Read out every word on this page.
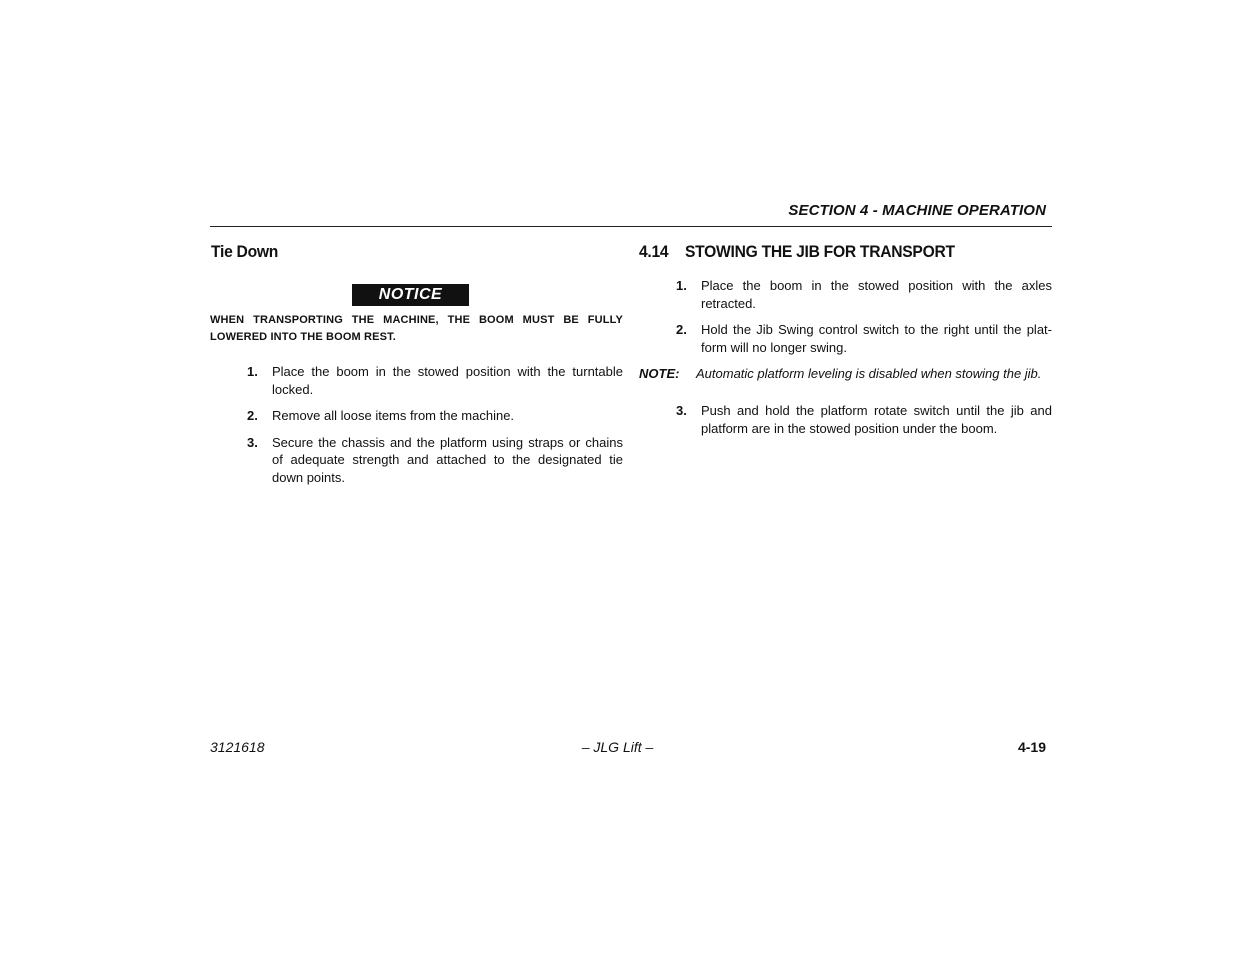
SECTION 4 - MACHINE OPERATION
Tie Down
NOTICE
WHEN TRANSPORTING THE MACHINE, THE BOOM MUST BE FULLY LOWERED INTO THE BOOM REST.
1. Place the boom in the stowed position with the turntable locked.
2. Remove all loose items from the machine.
3. Secure the chassis and the platform using straps or chains of adequate strength and attached to the designated tie down points.
4.14 STOWING THE JIB FOR TRANSPORT
1. Place the boom in the stowed position with the axles retracted.
2. Hold the Jib Swing control switch to the right until the plat-form will no longer swing.
NOTE: Automatic platform leveling is disabled when stowing the jib.
3. Push and hold the platform rotate switch until the jib and platform are in the stowed position under the boom.
3121618	– JLG Lift –	4-19
